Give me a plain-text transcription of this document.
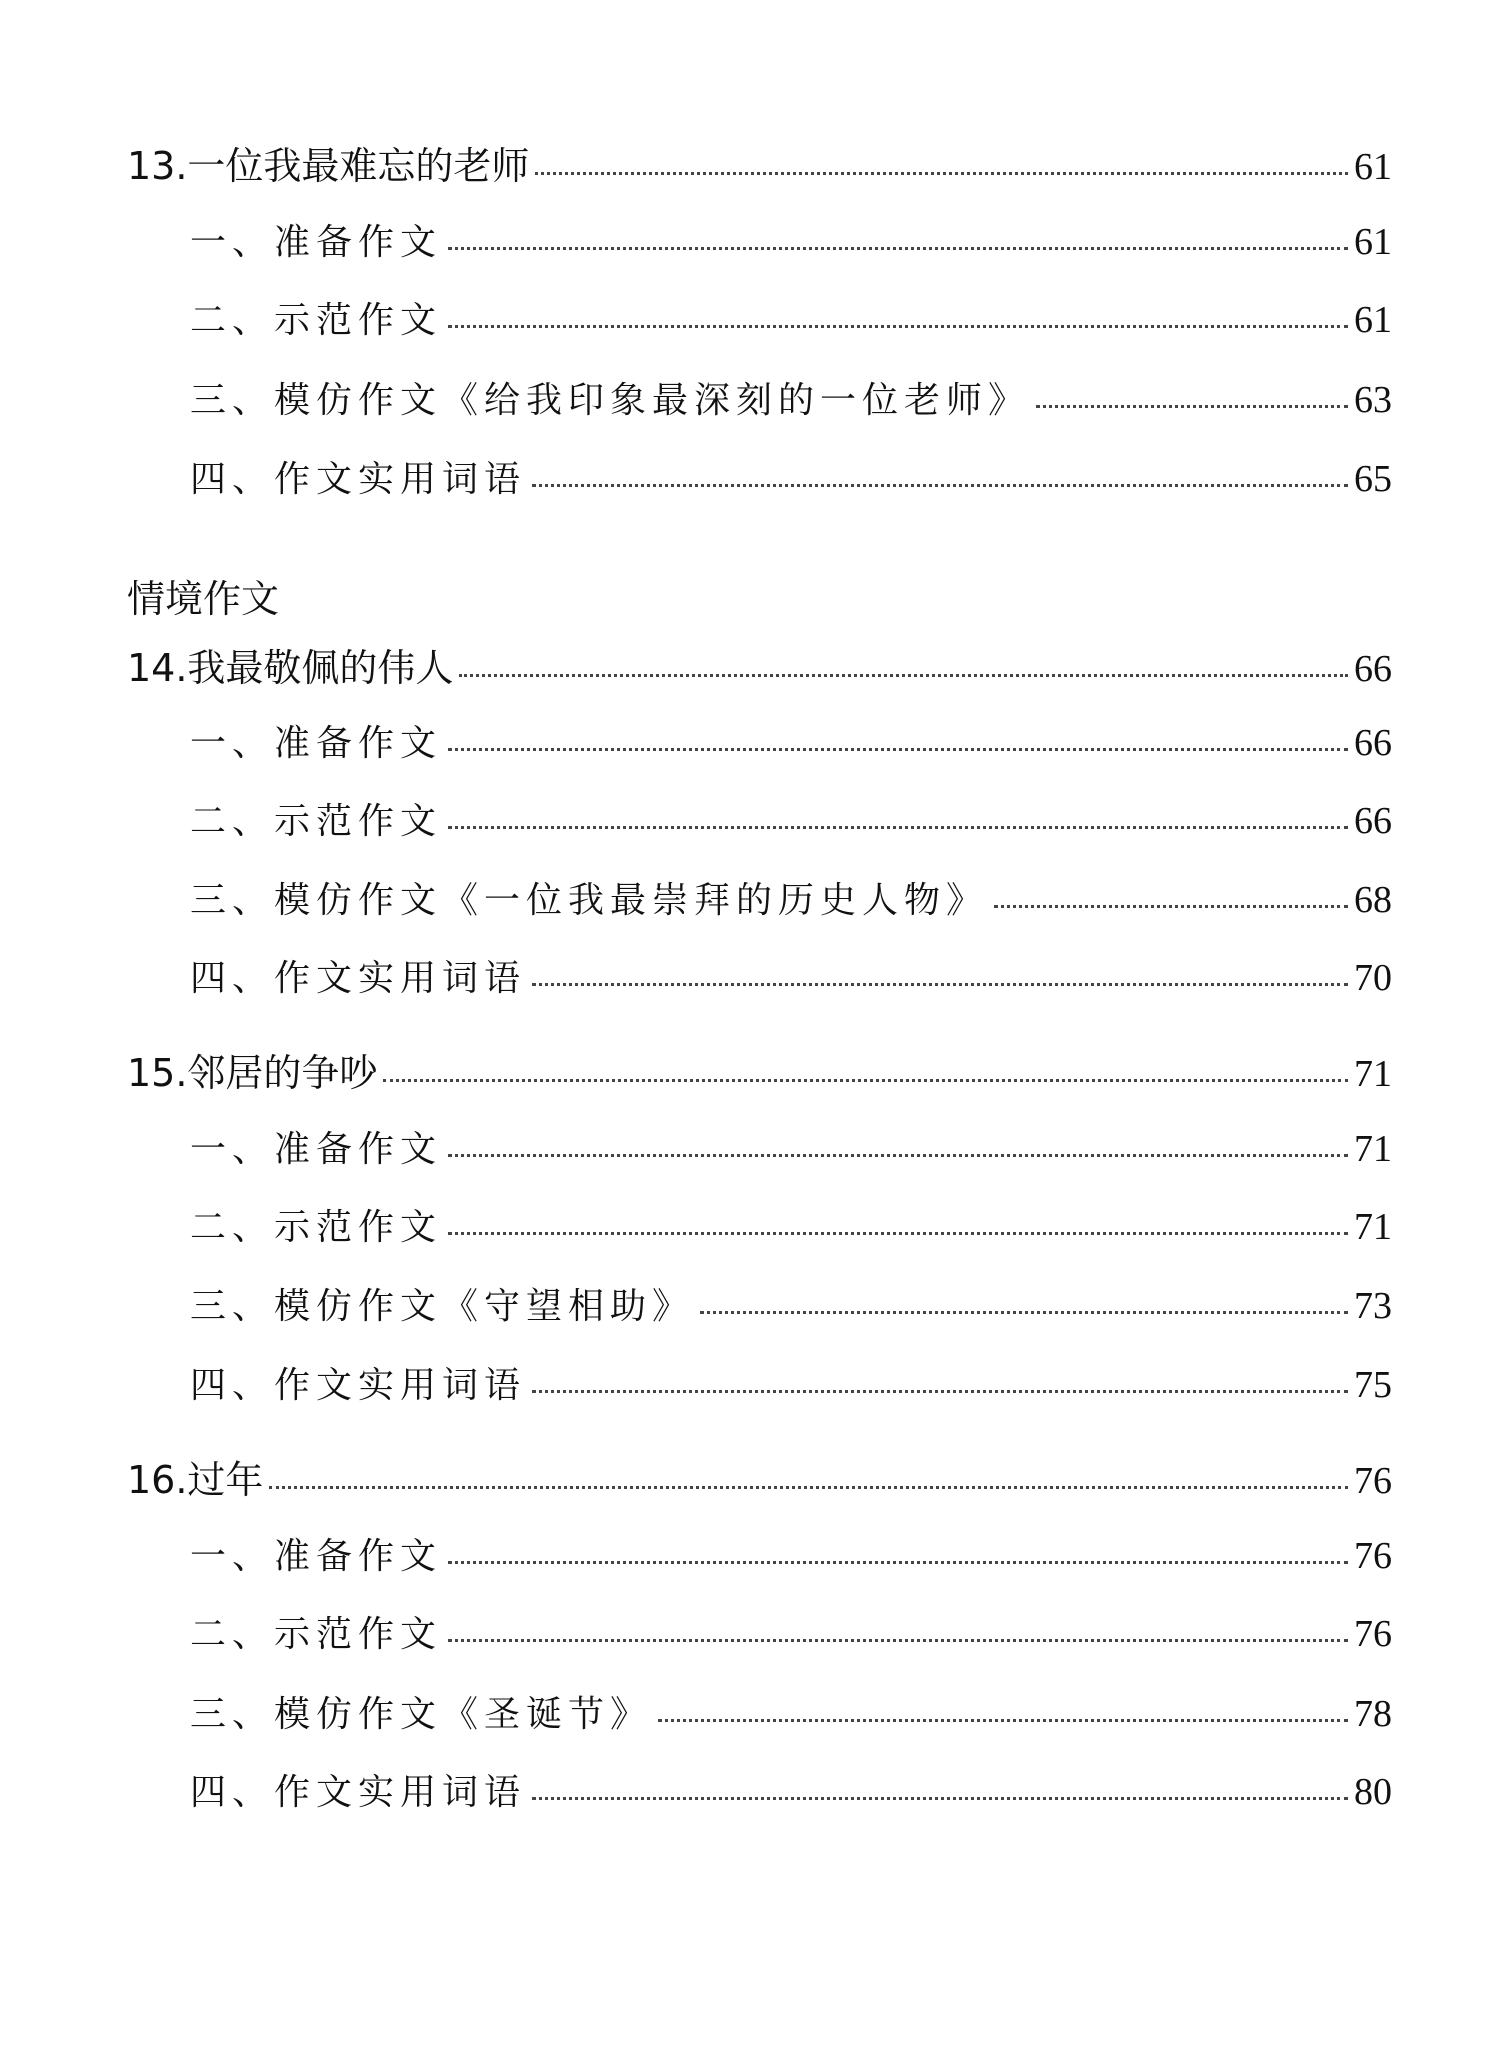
13.一位我最难忘的老师	61
一、准备作文	61
二、示范作文	61
三、模仿作文《给我印象最深刻的一位老师》	63
四、作文实用词语	65
14.我最敬佩的伟人	66
一、准备作文	66
二、示范作文	66
三、模仿作文《一位我最崇拜的历史人物》	68
四、作文实用词语	70
15.邻居的争吵	71
一、准备作文	71
二、示范作文	71
三、模仿作文《守望相助》	73
四、作文实用词语	75
16.过年	76
一、准备作文	76
二、示范作文	76
三、模仿作文《圣诞节》	78
四、作文实用词语	80
情境作文
